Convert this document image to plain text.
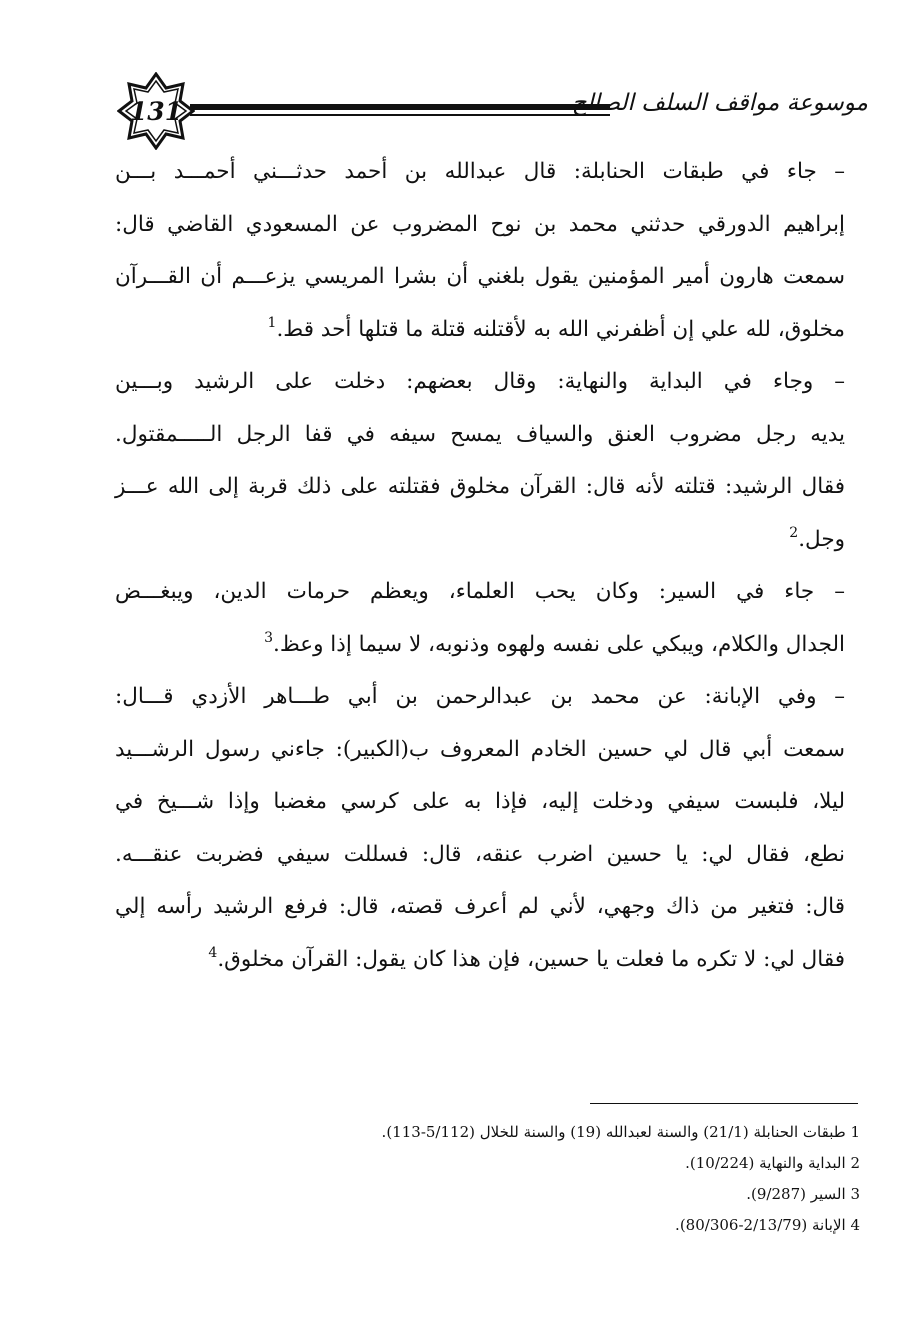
131	موسوعة مواقف السلف الصالح
– جاء في طبقات الحنابلة: قال عبدالله بن أحمد حدثـــني أحمـــد بـــن
إبراهيم الدورقي حدثني محمد بن نوح المضروب عن المسعودي القاضي قال:
سمعت هارون أمير المؤمنين يقول بلغني أن بشرا المريسي يزعـــم أن القـــرآن
مخلوق، لله علي إن أظفرني الله به لأقتلنه قتلة ما قتلها أحد قط.$^1$
– وجاء في البداية والنهاية: وقال بعضهم: دخلت على الرشيد وبـــين
يديه رجل مضروب العنق والسياف يمسح سيفه في قفا الرجل الـــــمقتول.
فقال الرشيد: قتلته لأنه قال: القرآن مخلوق فقتلته على ذلك قربة إلى الله عـــز
وجل.$^2$
– جاء في السير: وكان يحب العلماء، ويعظم حرمات الدين، ويبغـــض
الجدال والكلام، ويبكي على نفسه ولهوه وذنوبه، لا سيما إذا وعظ.$^3$
– وفي الإبانة: عن محمد بن عبدالرحمن بن أبي طـــاهر الأزدي قـــال:
سمعت أبي قال لي حسين الخادم المعروف ب(الكبير): جاءني رسول الرشـــيد
ليلا، فلبست سيفي ودخلت إليه، فإذا به على كرسي مغضبا وإذا شـــيخ في
نطع، فقال لي: يا حسين اضرب عنقه، قال: فسللت سيفي فضربت عنقـــه.
قال: فتغير من ذاك وجهي، لأني لم أعرف قصته، قال: فرفع الرشيد رأسه إلي
فقال لي: لا تكره ما فعلت يا حسين، فإن هذا كان يقول: القرآن مخلوق.$^4$
1 طبقات الحنابلة (21/1) والسنة لعبدالله (19) والسنة للخلال (5/112-113).
2 البداية والنهاية (10/224).
3 السير (9/287).
4 الإبانة (2/13/79-80/306).
